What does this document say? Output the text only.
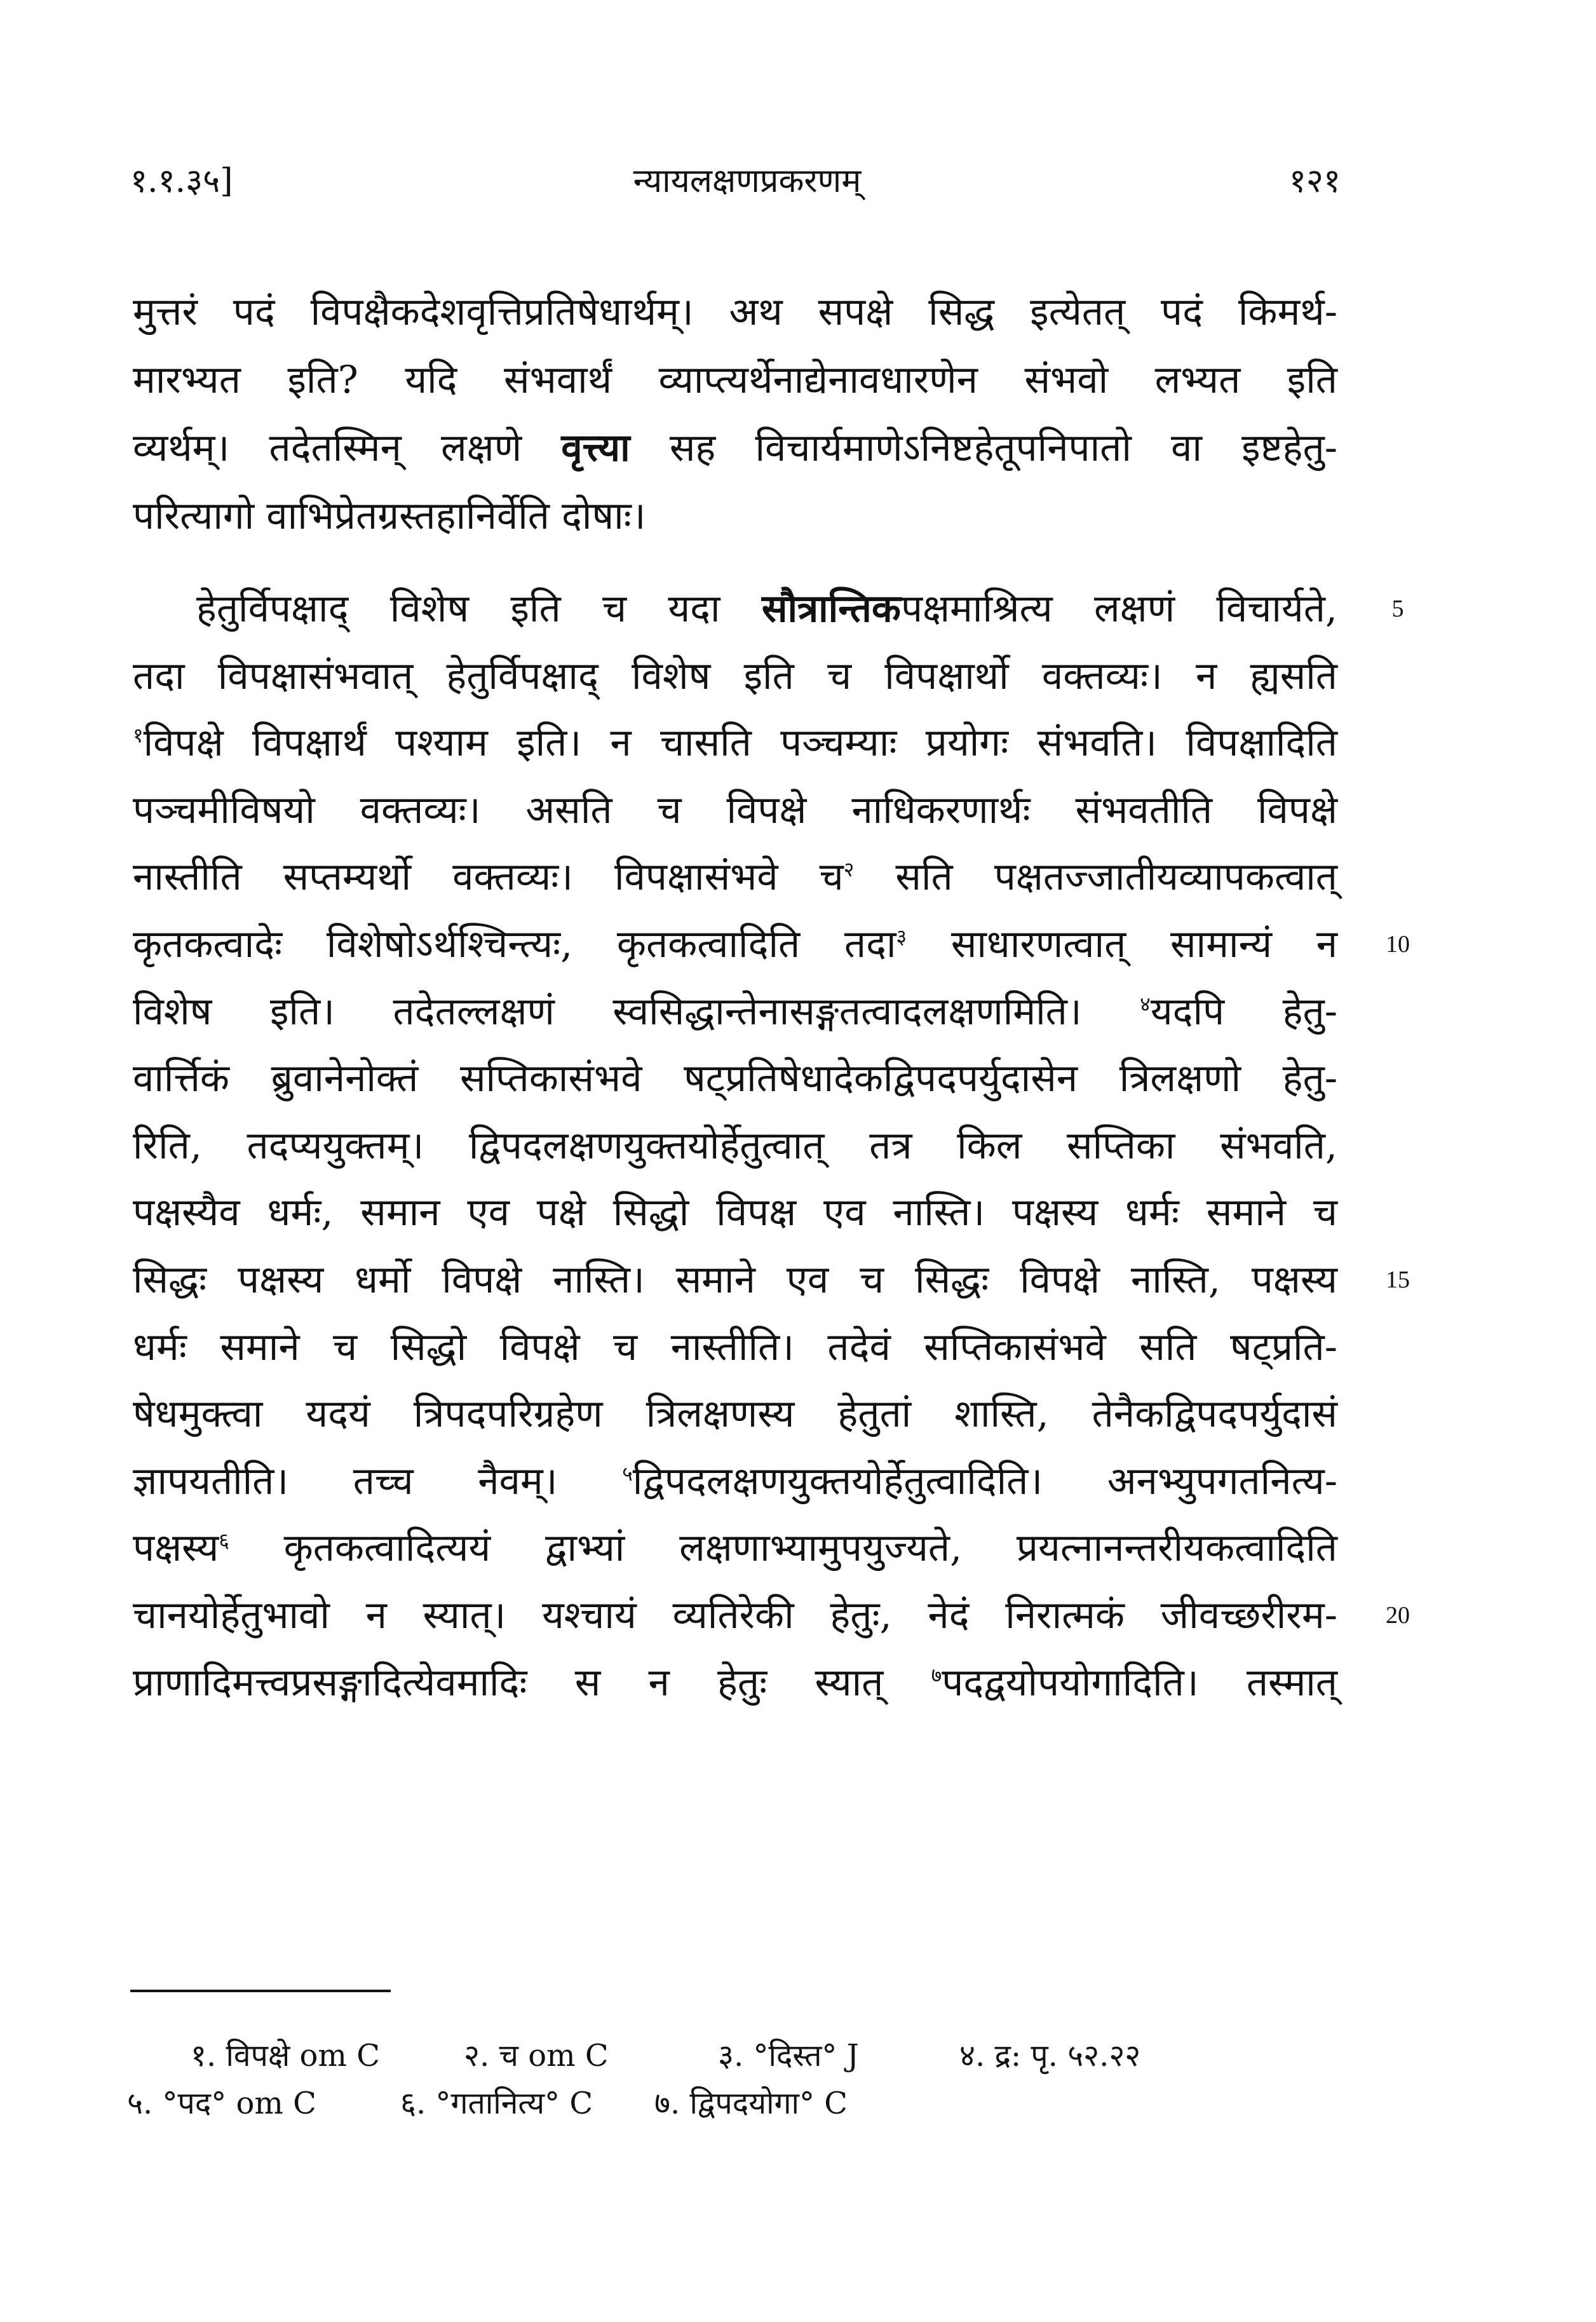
१.१.३५]	न्यायलक्षणप्रकरणम्	१२१
मुत्तरं पदं विपक्षैकदेशवृत्तिप्रतिषेधार्थम्। अथ सपक्षे सिद्ध इत्येतत् पदं किमर्थ-
मारभ्यत इति? यदि संभवार्थं व्याप्त्यर्थेनाद्येनावधारणेन संभवो लभ्यत इति
व्यर्थम्। तदेतस्मिन् लक्षणे वृत्त्या सह विचार्यमाणेऽनिष्टहेतूपनिपातो वा इष्टहेतु-
परित्यागो वाभिप्रेतग्रस्तहानिर्वेति दोषाः।
हेतुर्विपक्षाद् विशेष इति च यदा सौत्रान्तिकपक्षमाश्रित्य लक्षणं विचार्यते,	5
तदा विपक्षासंभवात् हेतुर्विपक्षाद् विशेष इति च विपक्षार्थो वक्तव्यः। न ह्यसति
$^१$विपक्षे विपक्षार्थं पश्याम इति। न चासति पञ्चम्याः प्रयोगः संभवति। विपक्षादिति
पञ्चमीविषयो वक्तव्यः। असति च विपक्षे नाधिकरणार्थः संभवतीति विपक्षे
नास्तीति सप्तम्यर्थो वक्तव्यः। विपक्षासंभवे च$^२$ सति पक्षतज्जातीयव्यापकत्वात्
कृतकत्वादेः विशेषोऽर्थश्चिन्त्यः, कृतकत्वादिति तदा$^३$ साधारणत्वात् सामान्यं न 10
विशेष इति। तदेतल्लक्षणं स्वसिद्धान्तेनासङ्गतत्वादलक्षणमिति। $^४$यदपि हेतु-
वार्त्तिकं ब्रुवानेनोक्तं सप्तिकासंभवे षट्प्रतिषेधादेकद्विपदपर्युदासेन त्रिलक्षणो हेतु-
रिति, तदप्ययुक्तम्। द्विपदलक्षणयुक्तयोर्हेतुत्वात् तत्र किल सप्तिका संभवति,
पक्षस्यैव धर्मः, समान एव पक्षे सिद्धो विपक्ष एव नास्ति। पक्षस्य धर्मः समाने च
सिद्धः पक्षस्य धर्मो विपक्षे नास्ति। समाने एव च सिद्धः विपक्षे नास्ति, पक्षस्य 15
धर्मः समाने च सिद्धो विपक्षे च नास्तीति। तदेवं सप्तिकासंभवे सति षट्प्रति-
षेधमुक्त्वा यदयं त्रिपदपरिग्रहेण त्रिलक्षणस्य हेतुतां शास्ति, तेनैकद्विपदपर्युदासं
ज्ञापयतीति। तच्च नैवम्। $^५$द्विपदलक्षणयुक्तयोर्हेतुत्वादिति। अनभ्युपगतनित्य-
पक्षस्य$^६$ कृतकत्वादित्ययं द्वाभ्यां लक्षणाभ्यामुपयुज्यते, प्रयत्नानन्तरीयकत्वादिति
चानयोर्हेतुभावो न स्यात्। यश्चायं व्यतिरेकी हेतुः, नेदं निरात्मकं जीवच्छरीरम- 20
प्राणादिमत्त्वप्रसङ्गादित्येवमादिः स न हेतुः स्यात् $^७$पदद्वयोपयोगादिति। तस्मात्
१. विपक्षे om C	२. च om C	३. °दिस्त° J	४. द्र: पृ. ५२.२२
५. °पद° om C	६. °गतानित्य° C ७. द्विपदयोगा° C
